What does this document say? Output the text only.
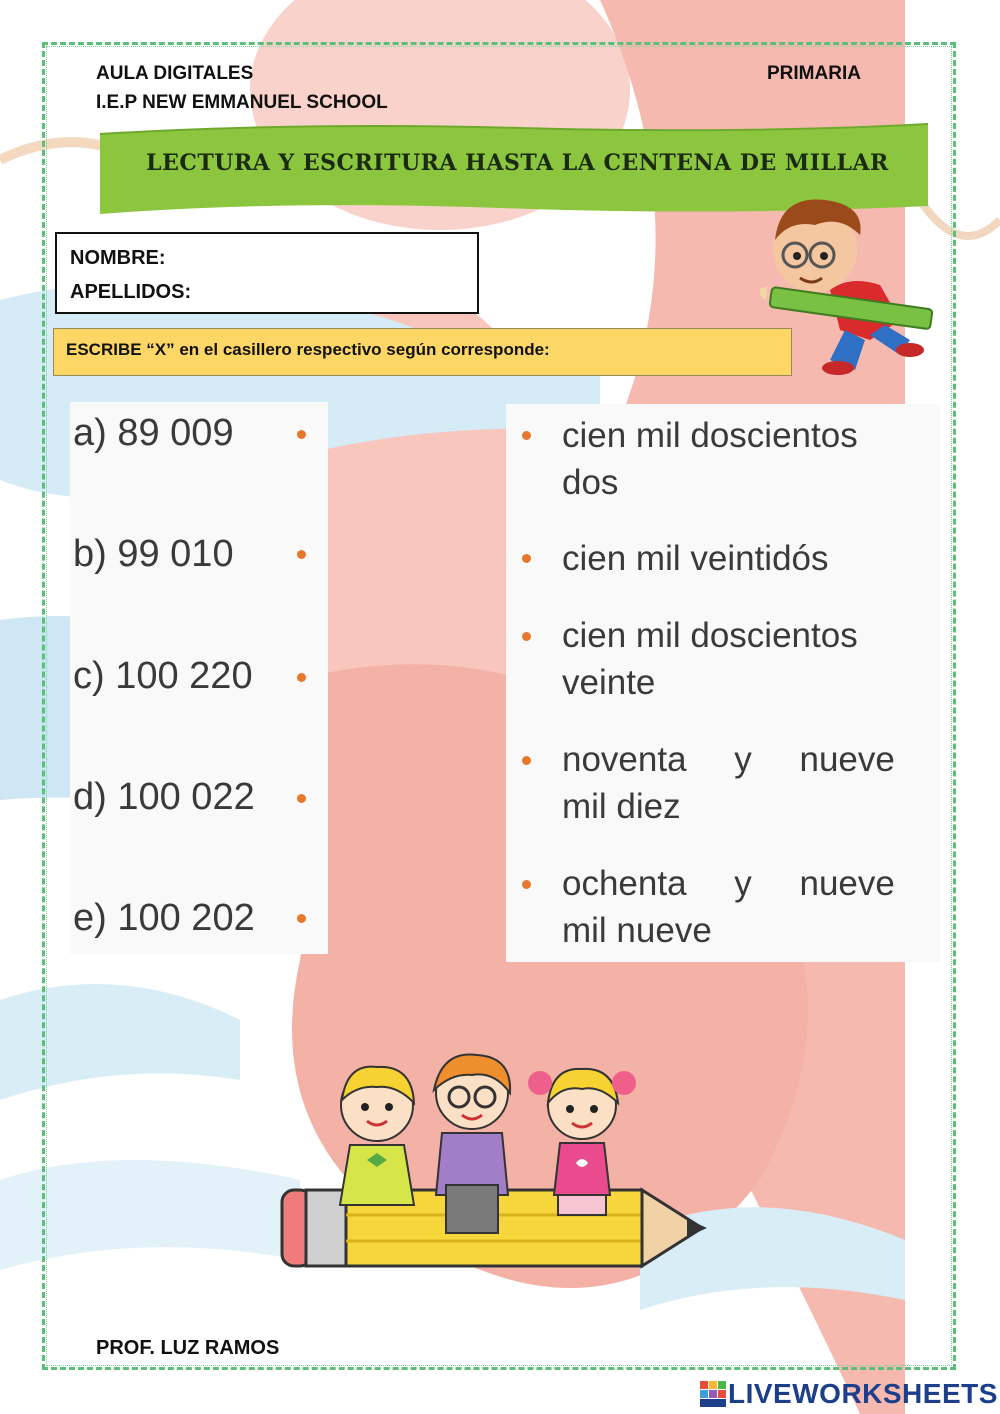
AULA DIGITALES
I.E.P NEW EMMANUEL SCHOOL
PRIMARIA
LECTURA Y ESCRITURA HASTA LA CENTENA DE MILLAR
NOMBRE:
APELLIDOS:
ESCRIBE “X” en el casillero respectivo según corresponde:
a) 89 009
b) 99 010
c) 100 220
d) 100 022
e) 100 202
cien mil doscientos
dos
cien mil veintidós
cien mil doscientos
veinte
noventa y nueve
mil diez
ochenta y nueve
mil nueve
PROF. LUZ RAMOS
LIVEWORKSHEETS
